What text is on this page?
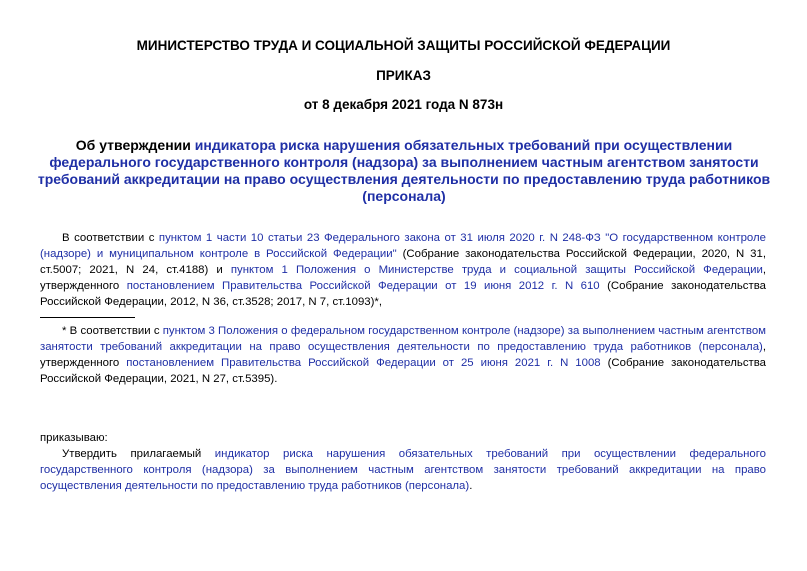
МИНИСТЕРСТВО ТРУДА И СОЦИАЛЬНОЙ ЗАЩИТЫ РОССИЙСКОЙ ФЕДЕРАЦИИ
ПРИКАЗ
от 8 декабря 2021 года N 873н
Об утверждении индикатора риска нарушения обязательных требований при осуществлении федерального государственного контроля (надзора) за выполнением частным агентством занятости требований аккредитации на право осуществления деятельности по предоставлению труда работников (персонала)
В соответствии с пунктом 1 части 10 статьи 23 Федерального закона от 31 июля 2020 г. N 248-ФЗ "О государственном контроле (надзоре) и муниципальном контроле в Российской Федерации" (Собрание законодательства Российской Федерации, 2020, N 31, ст.5007; 2021, N 24, ст.4188) и пунктом 1 Положения о Министерстве труда и социальной защиты Российской Федерации, утвержденного постановлением Правительства Российской Федерации от 19 июня 2012 г. N 610 (Собрание законодательства Российской Федерации, 2012, N 36, ст.3528; 2017, N 7, ст.1093)*,
* В соответствии с пунктом 3 Положения о федеральном государственном контроле (надзоре) за выполнением частным агентством занятости требований аккредитации на право осуществления деятельности по предоставлению труда работников (персонала), утвержденного постановлением Правительства Российской Федерации от 25 июня 2021 г. N 1008 (Собрание законодательства Российской Федерации, 2021, N 27, ст.5395).
приказываю:
Утвердить прилагаемый индикатор риска нарушения обязательных требований при осуществлении федерального государственного контроля (надзора) за выполнением частным агентством занятости требований аккредитации на право осуществления деятельности по предоставлению труда работников (персонала).
